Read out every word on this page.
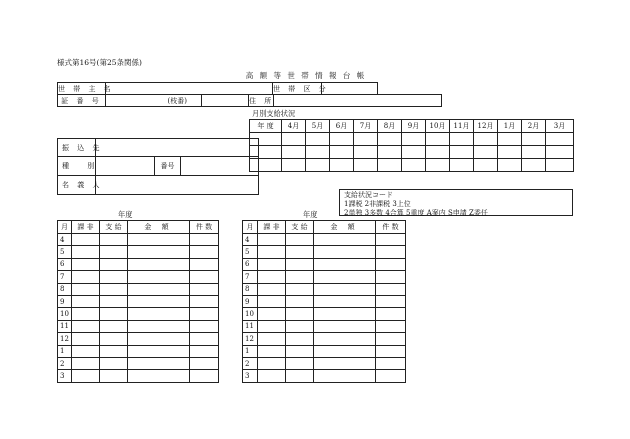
様式第16号(第25条関係)
高 額 等 世 帯 情 報 台 帳
世 帯 主 名		世 帯 区 分	
証 番 号		(枝番)		住 所	
月別支給状況
年 度	4月	5月	6月	7月	8月	9月	10月	11月	12月	1月	2月	3月

振 込 先			
種 別		番号	
名 義 人			
支給状況コード
1課税 2非課税 3上位
2単独 3多数 4合算 5重度 A案内 S申請 Z委任
年度	年度
月	課 非	支 給	金 額	件 数
4				
5				
6				
7				
8				
9				
10				
11				
12				
1				
2				
3				
月	課 非	支 給	金 額	件 数
4				
5				
6				
7				
8				
9				
10				
11				
12				
1				
2				
3				
